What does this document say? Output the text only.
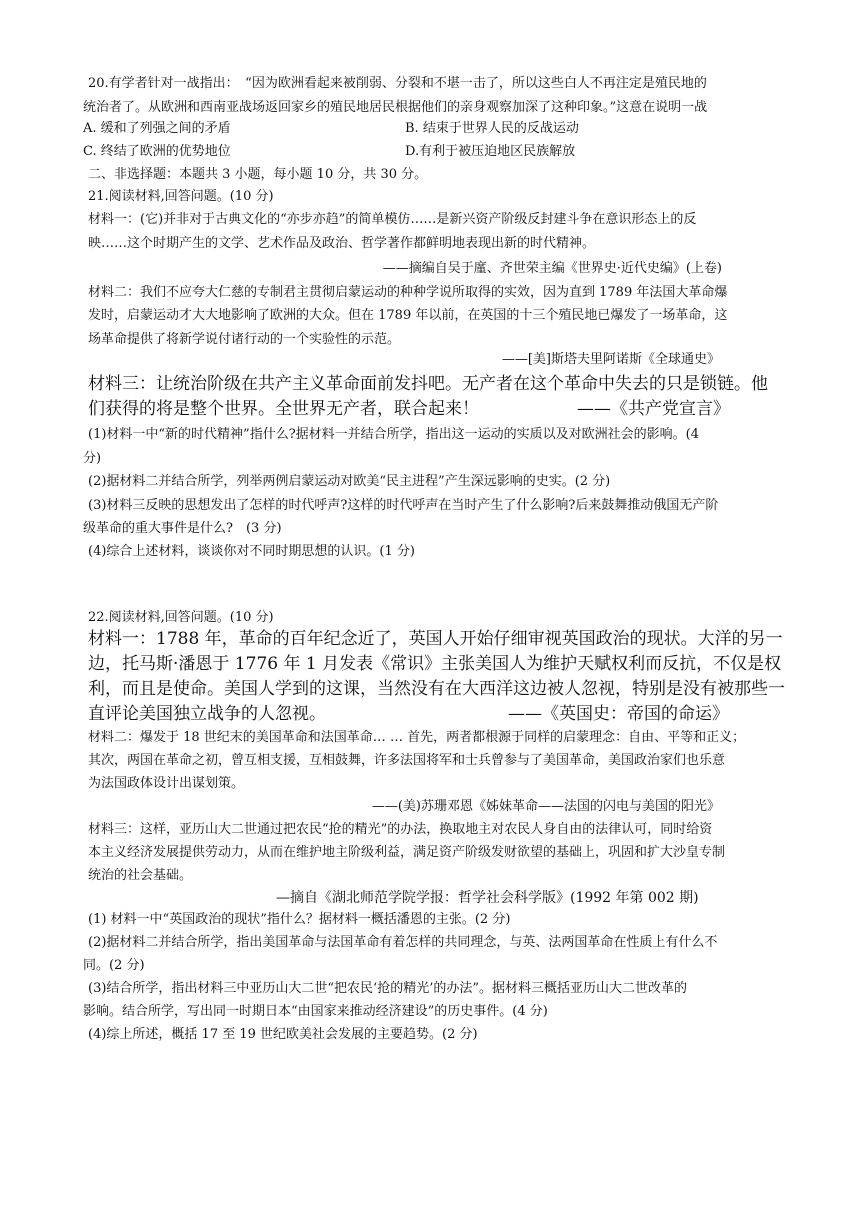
20.有学者针对一战指出：　“因为欧洲看起来被削弱、分裂和不堪一击了，所以这些白人不再注定是殖民地的
统治者了。从欧洲和西南亚战场返回家乡的殖民地居民根据他们的亲身观察加深了这种印象。”这意在说明一战
A. 缓和了列强之间的矛盾	B. 结束于世界人民的反战运动
C. 终结了欧洲的优势地位	D.有利于被压迫地区民族解放
二、非选择题：本题共 3 小题，每小题 10 分，共 30 分。
21.阅读材料,回答问题。(10 分)
材料一：(它)并非对于古典文化的“亦步亦趋”的简单模仿……是新兴资产阶级反封建斗争在意识形态上的反
映……这个时期产生的文学、艺术作品及政治、哲学著作都鲜明地表现出新的时代精神。
——摘编自吴于廑、齐世荣主编《世界史·近代史编》(上卷)
材料二：我们不应夸大仁慈的专制君主贯彻启蒙运动的种种学说所取得的实效，因为直到 1789 年法国大革命爆
发时，启蒙运动才大大地影响了欧洲的大众。但在 1789 年以前，在英国的十三个殖民地已爆发了一场革命，这
场革命提供了将新学说付诸行动的一个实验性的示范。
——[美]斯塔夫里阿诺斯《全球通史》
材料三：让统治阶级在共产主义革命面前发抖吧。无产者在这个革命中失去的只是锁链。他
们获得的将是整个世界。全世界无产者，联合起来！	——《共产党宣言》
(1)材料一中“新的时代精神”指什么?据材料一并结合所学，指出这一运动的实质以及对欧洲社会的影响。(4
分)
(2)据材料二并结合所学，列举两例启蒙运动对欧美“民主进程”产生深远影响的史实。(2 分)
(3)材料三反映的思想发出了怎样的时代呼声?这样的时代呼声在当时产生了什么影响?后来鼓舞推动俄国无产阶
级革命的重大事件是什么?　(3 分)
(4)综合上述材料，谈谈你对不同时期思想的认识。(1 分)
22.阅读材料,回答问题。(10 分)
材料一：1788 年，革命的百年纪念近了，英国人开始仔细审视英国政治的现状。大洋的另一
边，托马斯·潘恩于 1776 年 1 月发表《常识》主张美国人为维护天赋权利而反抗，不仅是权
利，而且是使命。美国人学到的这课，当然没有在大西洋这边被人忽视，特别是没有被那些一
直评论美国独立战争的人忽视。	——《英国史：帝国的命运》
材料二：爆发于 18 世纪末的美国革命和法国革命… … 首先，两者都根源于同样的启蒙理念：自由、平等和正义；
其次，两国在革命之初，曾互相支援，互相鼓舞，许多法国将军和士兵曾参与了美国革命，美国政治家们也乐意
为法国政体设计出谋划策。
——(美)苏珊邓恩《姊妹革命——法国的闪电与美国的阳光》
材料三：这样，亚历山大二世通过把农民“抢的精光”的办法，换取地主对农民人身自由的法律认可，同时给资
本主义经济发展提供劳动力，从而在维护地主阶级利益，满足资产阶级发财欲望的基础上，巩固和扩大沙皇专制
统治的社会基础。
—摘自《湖北师范学院学报：哲学社会科学版》(1992 年第 002 期)
(1) 材料一中“英国政治的现状”指什么？据材料一概括潘恩的主张。(2 分)
(2)据材料二并结合所学，指出美国革命与法国革命有着怎样的共同理念，与英、法两国革命在性质上有什么不
同。(2 分)
(3)结合所学，指出材料三中亚历山大二世“把农民‘抢的精光’的办法”。据材料三概括亚历山大二世改革的
影响。结合所学，写出同一时期日本“由国家来推动经济建设”的历史事件。(4 分)
(4)综上所述，概括 17 至 19 世纪欧美社会发展的主要趋势。(2 分)
